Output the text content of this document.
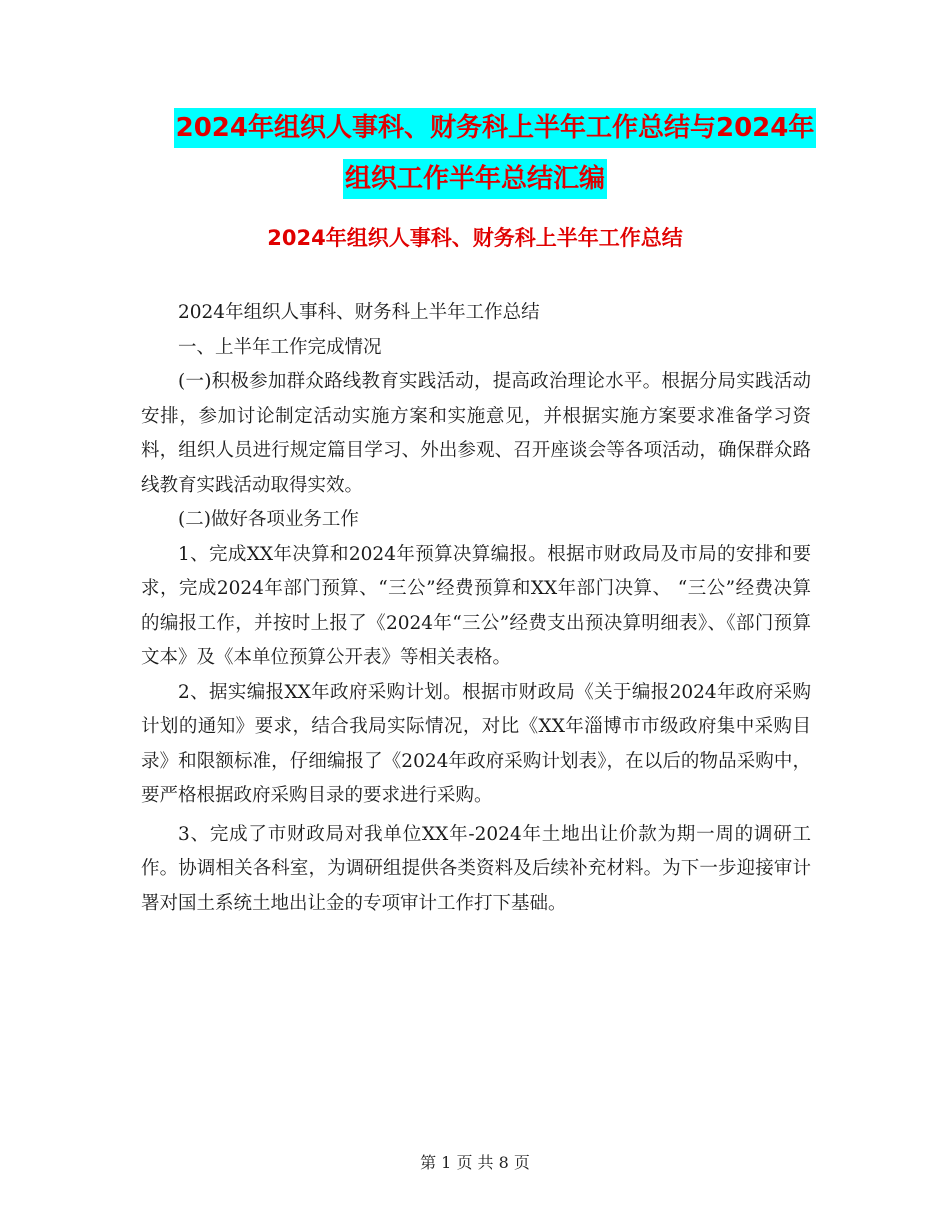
2024年组织人事科、财务科上半年工作总结与2024年
组织工作半年总结汇编
2024年组织人事科、财务科上半年工作总结

2024年组织人事科、财务科上半年工作总结

一、上半年工作完成情况

(一)积极参加群众路线教育实践活动，提高政治理论水平。根据分局实践活动安排，参加讨论制定活动实施方案和实施意见，并根据实施方案要求准备学习资料，组织人员进行规定篇目学习、外出参观、召开座谈会等各项活动，确保群众路线教育实践活动取得实效。

(二)做好各项业务工作

1、完成XX年决算和2024年预算决算编报。根据市财政局及市局的安排和要求，完成2024年部门预算、“三公”经费预算和XX年部门决算、 “三公”经费决算的编报工作，并按时上报了《2024年“三公”经费支出预决算明细表》、《部门预算文本》及《本单位预算公开表》等相关表格。

2、据实编报XX年政府采购计划。根据市财政局《关于编报2024年政府采购计划的通知》要求，结合我局实际情况，对比《XX年淄博市市级政府集中采购目录》和限额标准，仔细编报了《2024年政府采购计划表》，在以后的物品采购中，要严格根据政府采购目录的要求进行采购。

3、完成了市财政局对我单位XX年-2024年土地出让价款为期一周的调研工作。协调相关各科室，为调研组提供各类资料及后续补充材料。为下一步迎接审计署对国土系统土地出让金的专项审计工作打下基础。

第 1 页 共 8 页
